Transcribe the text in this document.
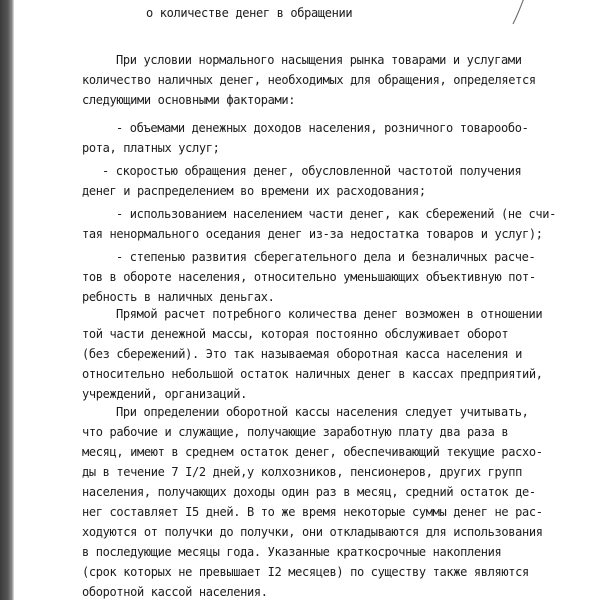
о количестве денег в обращении
При условии нормального насыщения рынка товарами и услугами
количество наличных денег, необходимых для обращения, определяется
следующими основными факторами:
- объемами денежных доходов населения, розничного товарообо-
рота, платных услуг;
- скоростью обращения денег, обусловленной частотой получения
денег и распределением во времени их расходования;
- использованием населением части денег, как сбережений (не счи-
тая ненормального оседания денег из-за недостатка товаров и услуг);
- степенью развития сберегательного дела и безналичных расче-
тов в обороте населения, относительно уменьшающих объективную пот-
ребность в наличных деньгах.
Прямой расчет потребного количества денег возможен в отношении
той части денежной массы, которая постоянно обслуживает оборот
(без сбережений). Это так называемая оборотная касса населения и
относительно небольшой остаток наличных денег в кассах предприятий,
учреждений, организаций.
При определении оборотной кассы населения следует учитывать,
что рабочие и служащие, получающие заработную плату два раза в
месяц, имеют в среднем остаток денег, обеспечивающий текущие расхо-
ды в течение 7 I/2 дней,у колхозников, пенсионеров, других групп
населения, получающих доходы один раз в месяц, средний остаток де-
нег составляет I5 дней. В то же время некоторые суммы денег не рас-
ходуются от получки до получки, они откладываются для использования
в последующие месяцы года. Указанные краткосрочные накопления
(срок которых не превышает I2 месяцев) по существу также являются
оборотной кассой населения.
